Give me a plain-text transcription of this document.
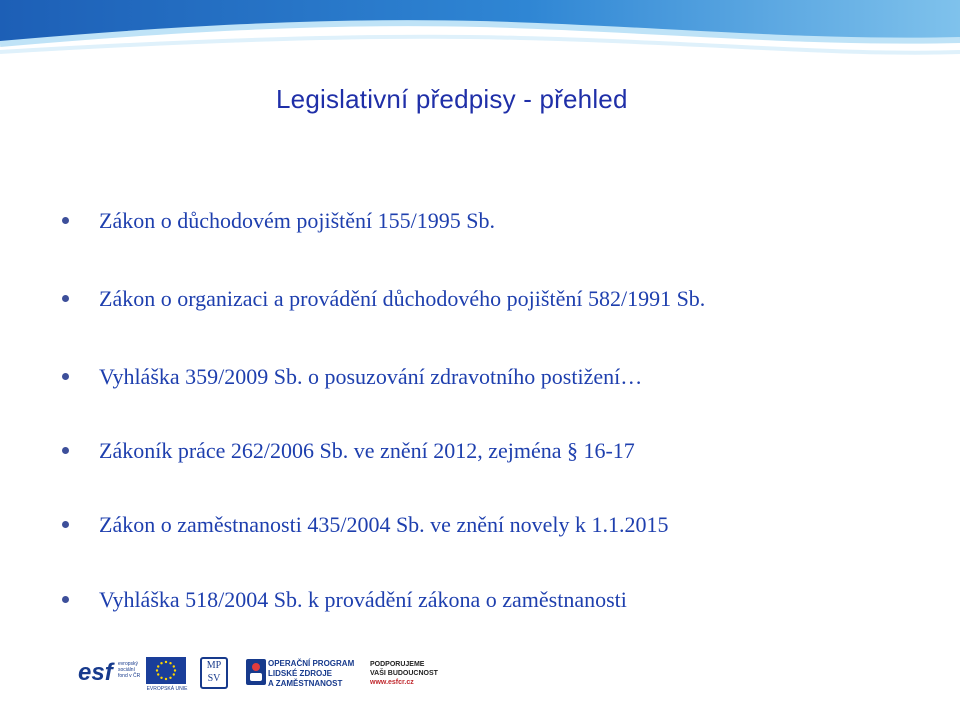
Legislativní předpisy - přehled
Zákon o důchodovém pojištění 155/1995 Sb.
Zákon o organizaci a provádění důchodového pojištění 582/1991 Sb.
Vyhláška 359/2009 Sb. o posuzování zdravotního postižení…
Zákoník práce 262/2006 Sb. ve znění 2012, zejména § 16-17
Zákon o zaměstnanosti 435/2004 Sb. ve znění novely k 1.1.2015
Vyhláška 518/2004 Sb. k provádění zákona o zaměstnanosti
esf evropský
sociální
fond v ČR
EVROPSKÁ UNIE
MP
SV
OPERAČNÍ PROGRAM
LIDSKÉ ZDROJE
A ZAMĚSTNANOST
PODPORUJEME
VAŠI BUDOUCNOST
www.esfcr.cz
